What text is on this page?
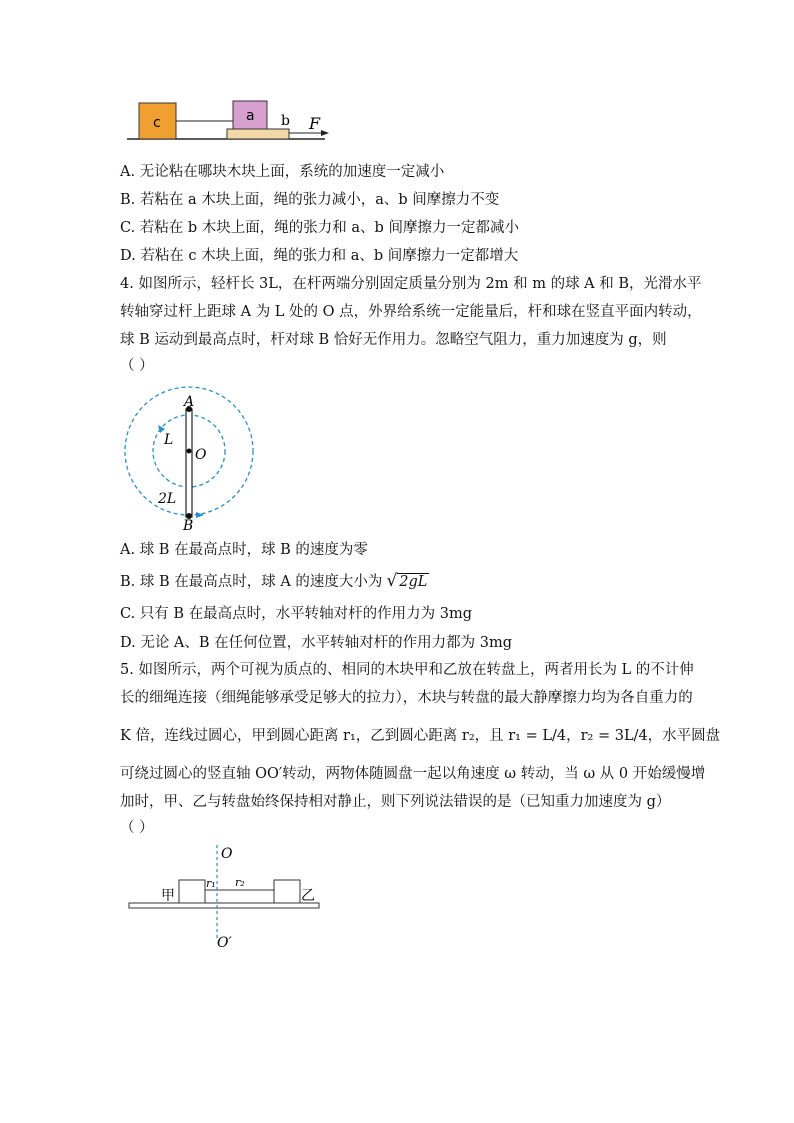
c	a b F
A. 无论粘在哪块木块上面，系统的加速度一定减小
B. 若粘在 a 木块上面，绳的张力减小，a、b 间摩擦力不变
C. 若粘在 b 木块上面，绳的张力和 a、b 间摩擦力一定都减小
D. 若粘在 c 木块上面，绳的张力和 a、b 间摩擦力一定都增大
4. 如图所示，轻杆长 3L，在杆两端分别固定质量分别为 2m 和 m 的球 A 和 B，光滑水平
转轴穿过杆上距球 A 为 L 处的 O 点，外界给系统一定能量后，杆和球在竖直平面内转动，
球 B 运动到最高点时，杆对球 B 恰好无作用力。忽略空气阻力，重力加速度为 g，则
（ ）
A
O
B
L
2L
A. 球 B 在最高点时，球 B 的速度为零
B. 球 B 在最高点时，球 A 的速度大小为 √ 2gL
C. 只有 B 在最高点时，水平转轴对杆的作用力为 3mg
D. 无论 A、B 在任何位置，水平转轴对杆的作用力都为 3mg
5. 如图所示，两个可视为质点的、相同的木块甲和乙放在转盘上，两者用长为 L 的不计伸
长的细绳连接（细绳能够承受足够大的拉力），木块与转盘的最大静摩擦力均为各自重力的
K 倍，连线过圆心，甲到圆心距离 r₁，乙到圆心距离 r₂，且 r₁ = L/4，r₂ = 3L/4，水平圆盘
可绕过圆心的竖直轴 OO′转动，两物体随圆盘一起以角速度 ω 转动，当 ω 从 0 开始缓慢增
加时，甲、乙与转盘始终保持相对静止，则下列说法错误的是（已知重力加速度为 g）
（ ）
O
O′
甲	乙
r₁ r₂
